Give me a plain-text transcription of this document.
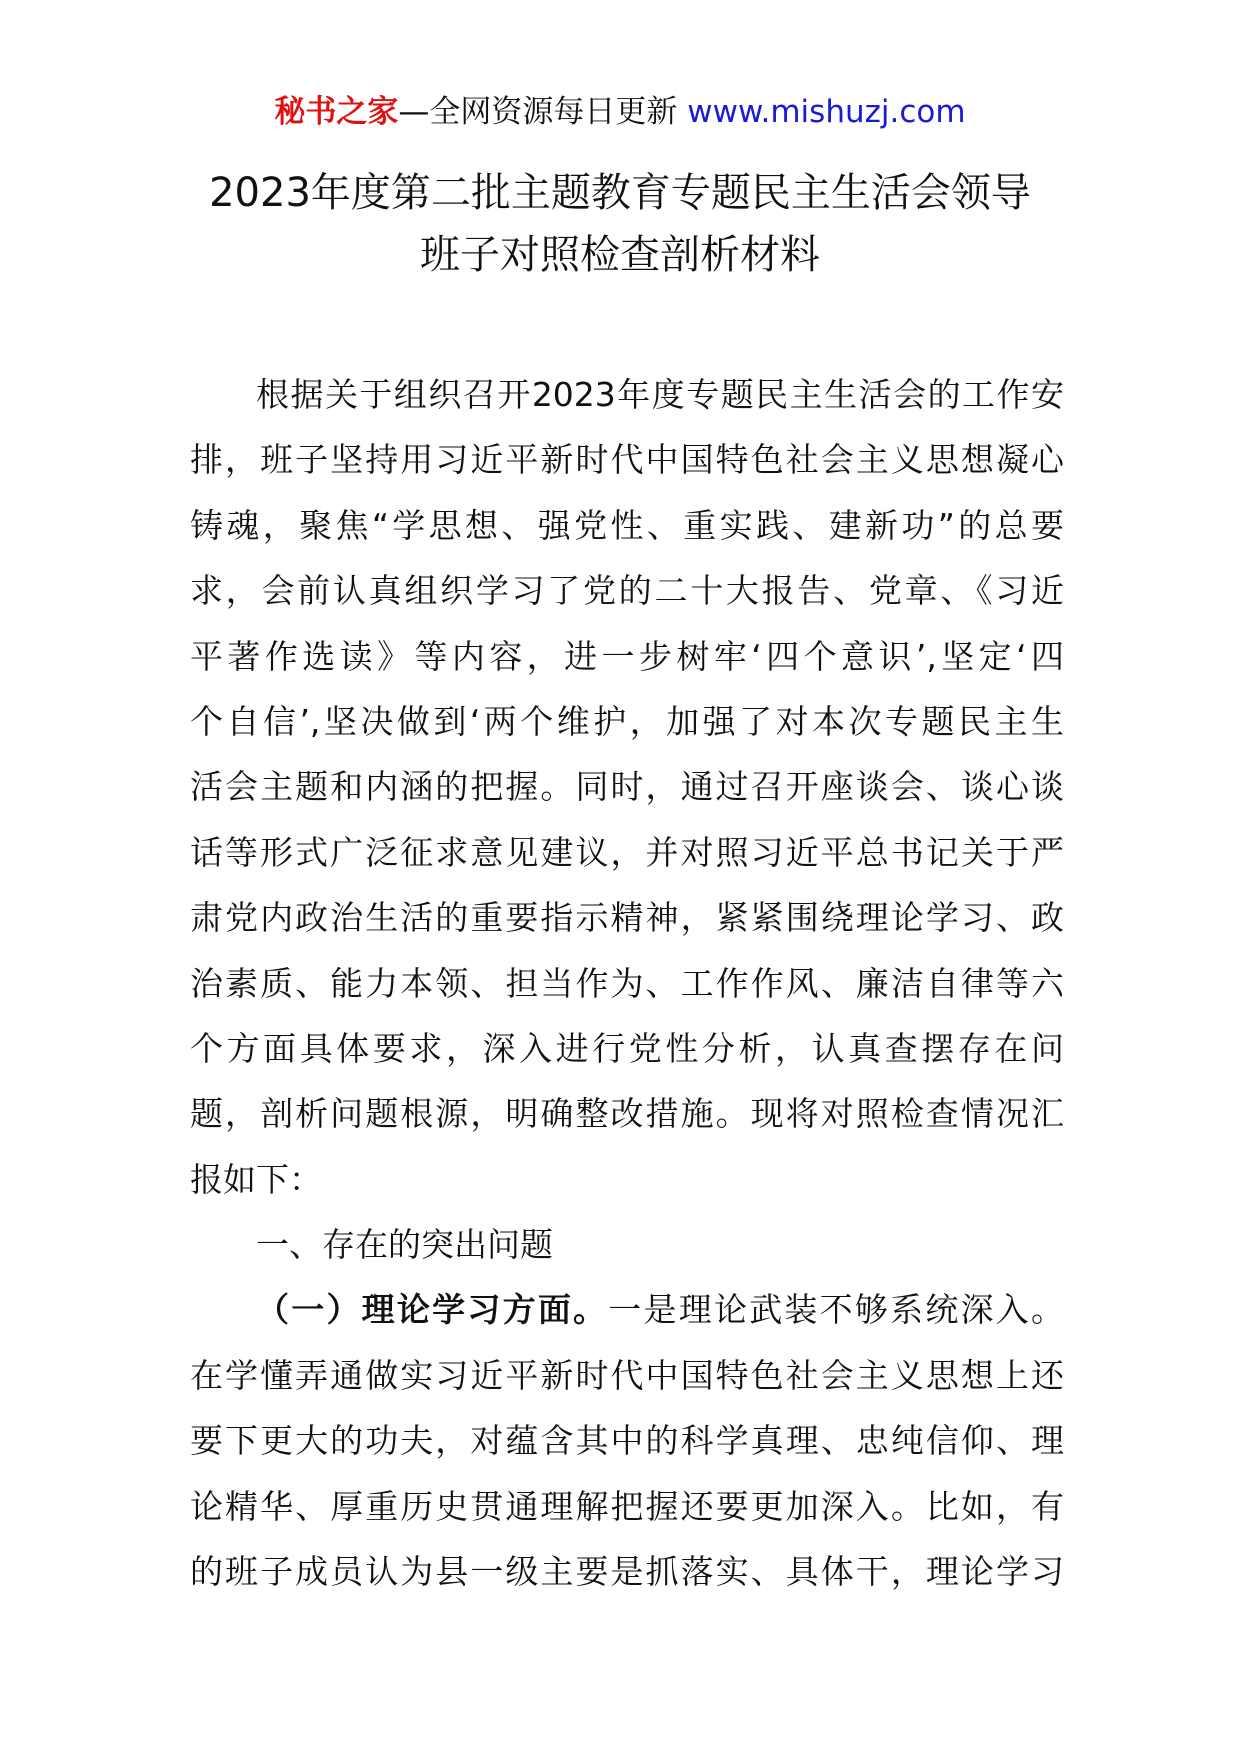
秘书之家—全网资源每日更新 www.mishuzj.com
2023年度第二批主题教育专题民主生活会领导
班子对照检查剖析材料
根据关于组织召开2023年度专题民主生活会的工作安
排，班子坚持用习近平新时代中国特色社会主义思想凝心
铸魂，聚焦“学思想、强党性、重实践、建新功”的总要
求，会前认真组织学习了党的二十大报告、党章、《习近
平著作选读》等内容，进一步树牢‘四个意识’,坚定‘四
个自信’,坚决做到‘两个维护，加强了对本次专题民主生
活会主题和内涵的把握。同时，通过召开座谈会、谈心谈
话等形式广泛征求意见建议，并对照习近平总书记关于严
肃党内政治生活的重要指示精神，紧紧围绕理论学习、政
治素质、能力本领、担当作为、工作作风、廉洁自律等六
个方面具体要求，深入进行党性分析，认真查摆存在问
题，剖析问题根源，明确整改措施。现将对照检查情况汇
报如下：
一、存在的突出问题
（一）理论学习方面。一是理论武装不够系统深入。
在学懂弄通做实习近平新时代中国特色社会主义思想上还
要下更大的功夫，对蕴含其中的科学真理、忠纯信仰、理
论精华、厚重历史贯通理解把握还要更加深入。比如，有
的班子成员认为县一级主要是抓落实、具体干，理论学习
